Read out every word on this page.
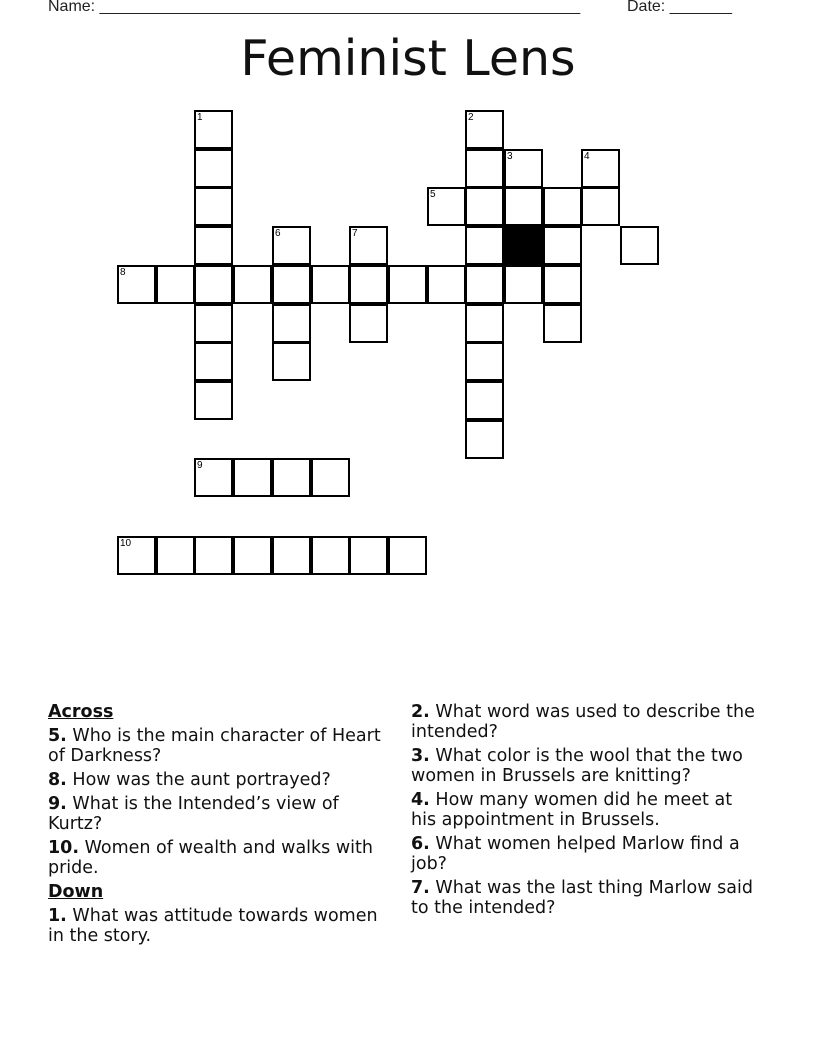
Name: ______________________________________________________	Date: _______
Feminist Lens
1	2
3	4
5
6	7
8
9
10
Across
5. Who is the main character of Heart of Darkness?
8. How was the aunt portrayed?
9. What is the Intended’s view of Kurtz?
10. Women of wealth and walks with pride.
Down
1. What was attitude towards women in the story.
2. What word was used to describe the intended?
3. What color is the wool that the two women in Brussels are knitting?
4. How many women did he meet at his appointment in Brussels.
6. What women helped Marlow find a job?
7. What was the last thing Marlow said to the intended?
